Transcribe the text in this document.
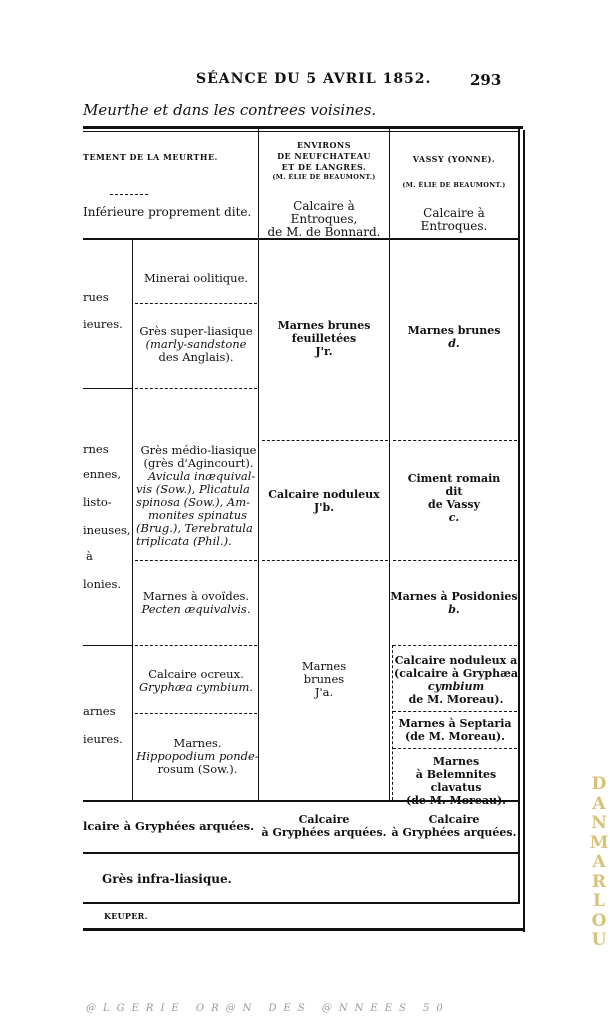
SÉANCE DU 5 AVRIL 1852.	293
Meurthe et dans les contrees voisines.
TEMENT DE LA MEURTHE.
Inférieure proprement dite.
ENVIRONS
DE NEUFCHATEAU
ET DE LANGRES.
(M. ÉLIE DE BEAUMONT.)
Calcaire à Entroques,
de M. de Bonnard.
VASSY (YONNE).
(M. ÉLIE DE BEAUMONT.)
Calcaire à Entroques.
rues
ieures.
rnes
ennes,
listo-
ineuses,
à
lonies.
arnes
ieures.
Minerai oolitique.
Grès super-liasique
(marly-sandstone
des Anglais).
Grès médio-liasique
(grès d'Agincourt).
Avicula inæquival-
vis (Sow.), Plicatula
spinosa (Sow.), Am-
monites spinatus
(Brug.), Terebratula
triplicata (Phil.).
Marnes à ovoïdes.
Pecten æquivalvis.
Calcaire ocreux.
Gryphæa cymbium.
Marnes.
Hippopodium ponde-
rosum (Sow.).
Marnes brunes
feuilletées
J'r.
Calcaire noduleux
J'b.
Marnes
brunes
J'a.
Marnes brunes
d.
Ciment romain
dit
de Vassy
c.
Marnes à Posidonies
b.
Calcaire noduleux a
(calcaire à Gryphæa
cymbium
de M. Moreau).
Marnes à Septaria
(de M. Moreau).
Marnes
à Belemnites clavatus
(de M. Moreau).
lcaire à Gryphées arquées.	Calcaire
à Gryphées arquées.
Calcaire
à Gryphées arquées.
Grès infra-liasique.
KEUPER.
D
A
N
M
A
R
L
O
U
@LGERIE OR@N DES @NNEES 50
